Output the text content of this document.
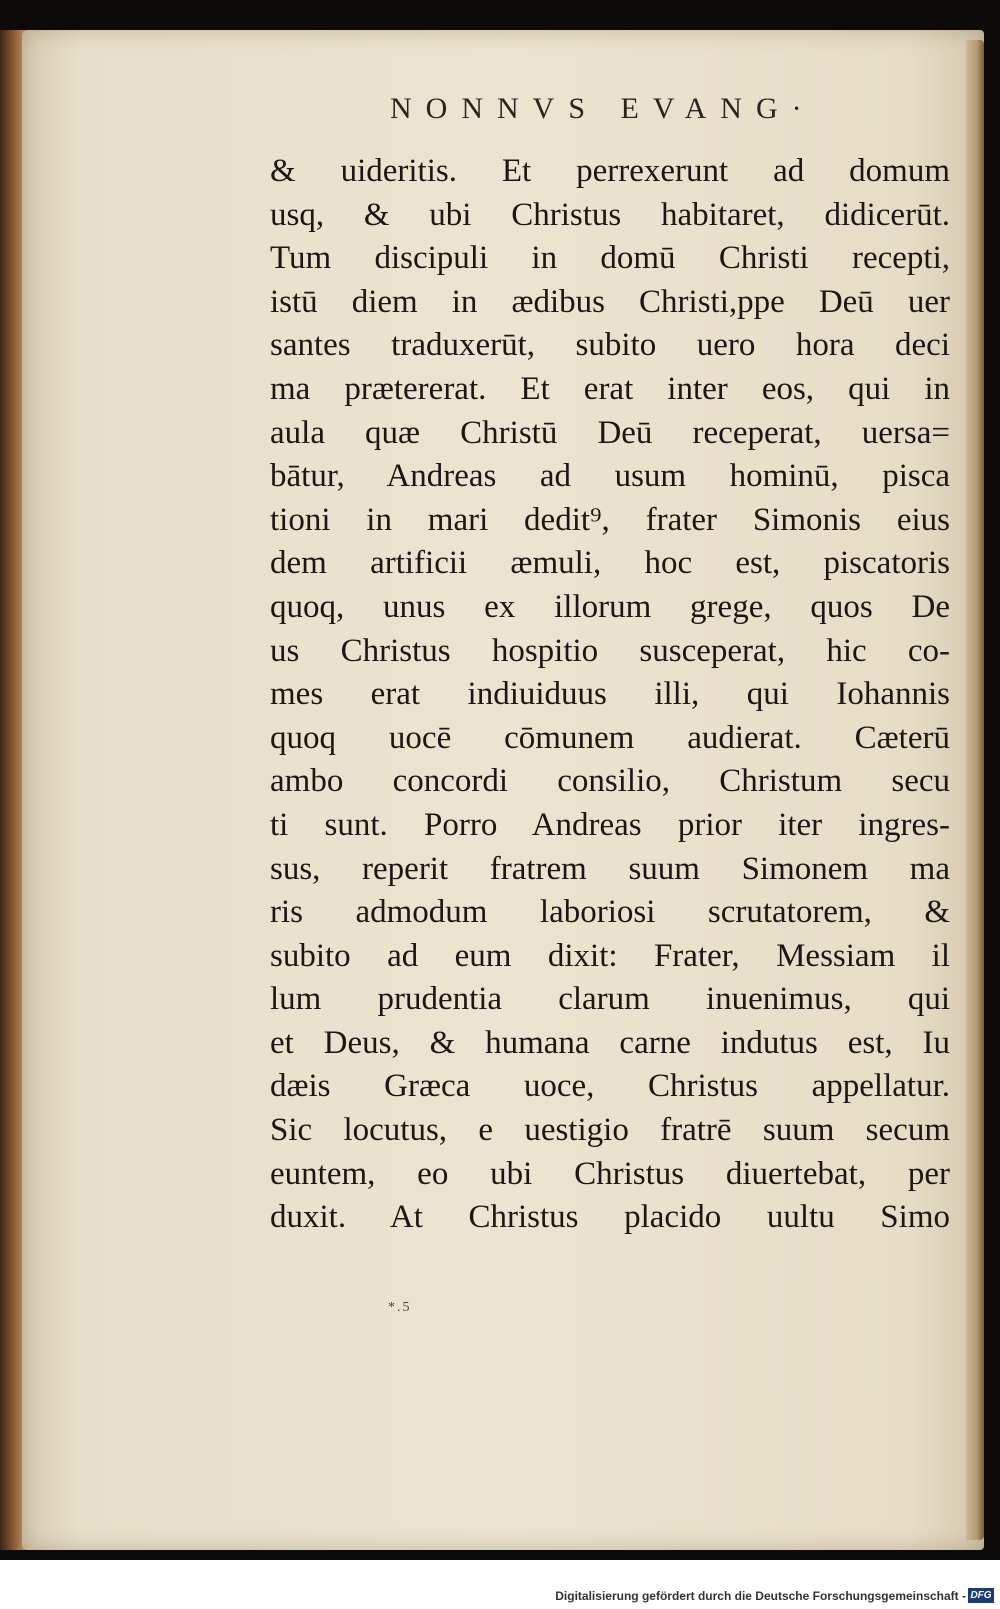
NONNVS EVANG·
& uideritis. Et perrexerunt ad domum
usq, & ubi Christus habitaret, didicerūt.
Tum discipuli in domū Christi recepti,
istū diem in ædibus Christi,ppe Deū uer
santes traduxerūt, subito uero hora deci
ma prætererat. Et erat inter eos, qui in
aula quæ Christū Deū receperat, uersa=
bātur, Andreas ad usum hominū, pisca
tioni in mari dedit⁹, frater Simonis eius
dem artificii æmuli, hoc est, piscatoris
quoq, unus ex illorum grege, quos De
us Christus hospitio susceperat, hic co-
mes erat indiuiduus illi, qui Iohannis
quoq uocē cōmunem audierat. Cæterū
ambo concordi consilio, Christum secu
ti sunt. Porro Andreas prior iter ingres-
sus, reperit fratrem suum Simonem ma
ris admodum laboriosi scrutatorem, &
subito ad eum dixit: Frater, Messiam il
lum prudentia clarum inuenimus, qui
et Deus, & humana carne indutus est, Iu
dæis Græca uoce, Christus appellatur.
Sic locutus, e uestigio fratrē suum secum
euntem, eo ubi Christus diuertebat, per
duxit. At Christus placido uultu Simo
*.5
Digitalisierung gefördert durch die Deutsche Forschungsgemeinschaft - DFG
